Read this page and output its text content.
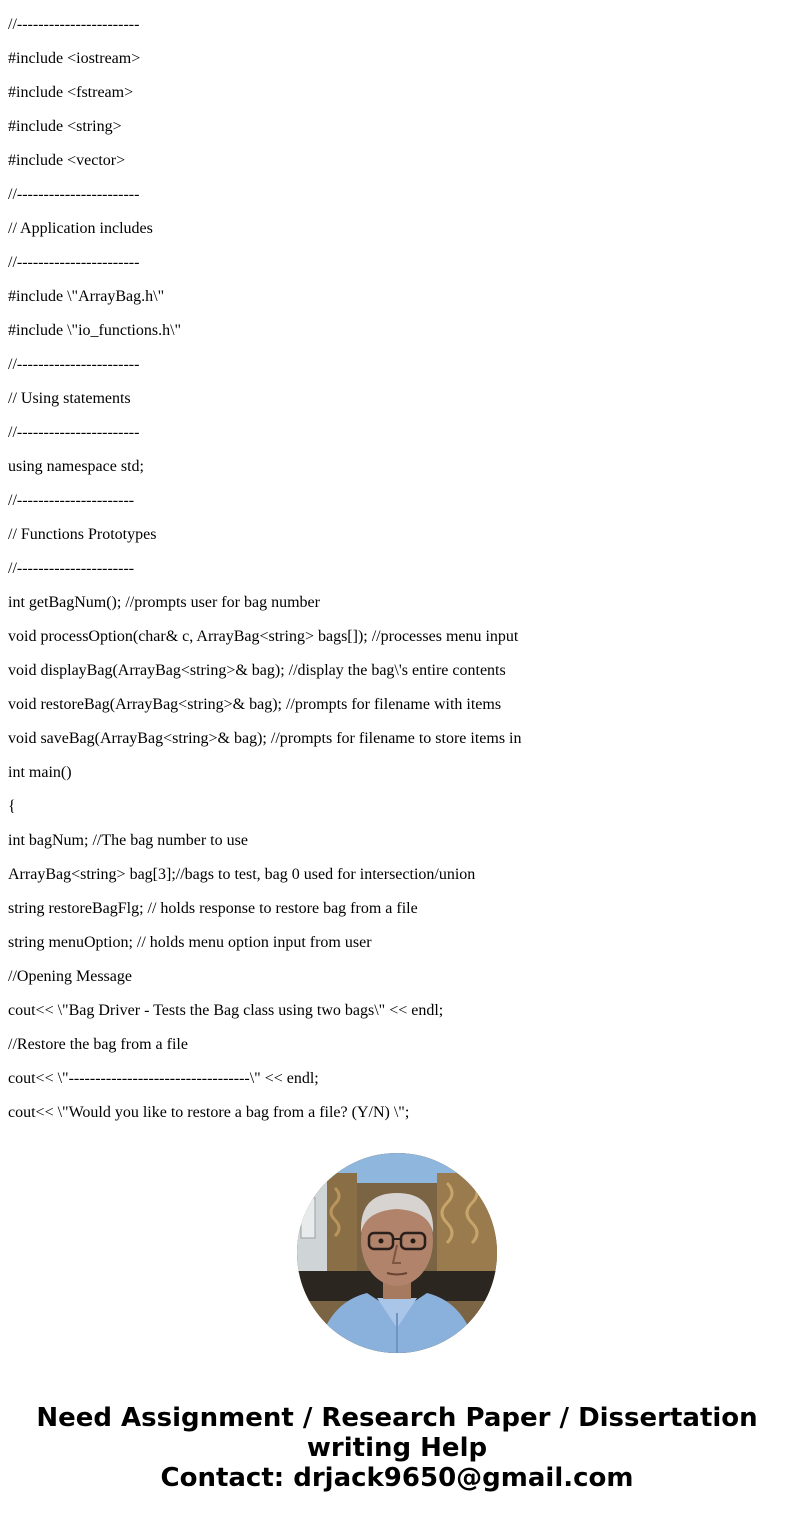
//-----------------------
#include <iostream>
#include <fstream>
#include <string>
#include <vector>
//-----------------------
// Application includes
//-----------------------
#include \"ArrayBag.h\"
#include \"io_functions.h\"
//-----------------------
// Using statements
//-----------------------
using namespace std;
//----------------------
// Functions Prototypes
//----------------------
int getBagNum(); //prompts user for bag number
void processOption(char& c, ArrayBag<string> bags[]); //processes menu input
void displayBag(ArrayBag<string>& bag); //display the bag\'s entire contents
void restoreBag(ArrayBag<string>& bag); //prompts for filename with items
void saveBag(ArrayBag<string>& bag); //prompts for filename to store items in
int main()
{
int bagNum; //The bag number to use
ArrayBag<string> bag[3];//bags to test, bag 0 used for intersection/union
string restoreBagFlg; // holds response to restore bag from a file
string menuOption; // holds menu option input from user
//Opening Message
cout<< \"Bag Driver - Tests the Bag class using two bags\" << endl;
//Restore the bag from a file
cout<< \"----------------------------------\" << endl;
cout<< \"Would you like to restore a bag from a file? (Y/N) \";
Need Assignment / Research Paper / Dissertation
writing Help
Contact: drjack9650@gmail.com
